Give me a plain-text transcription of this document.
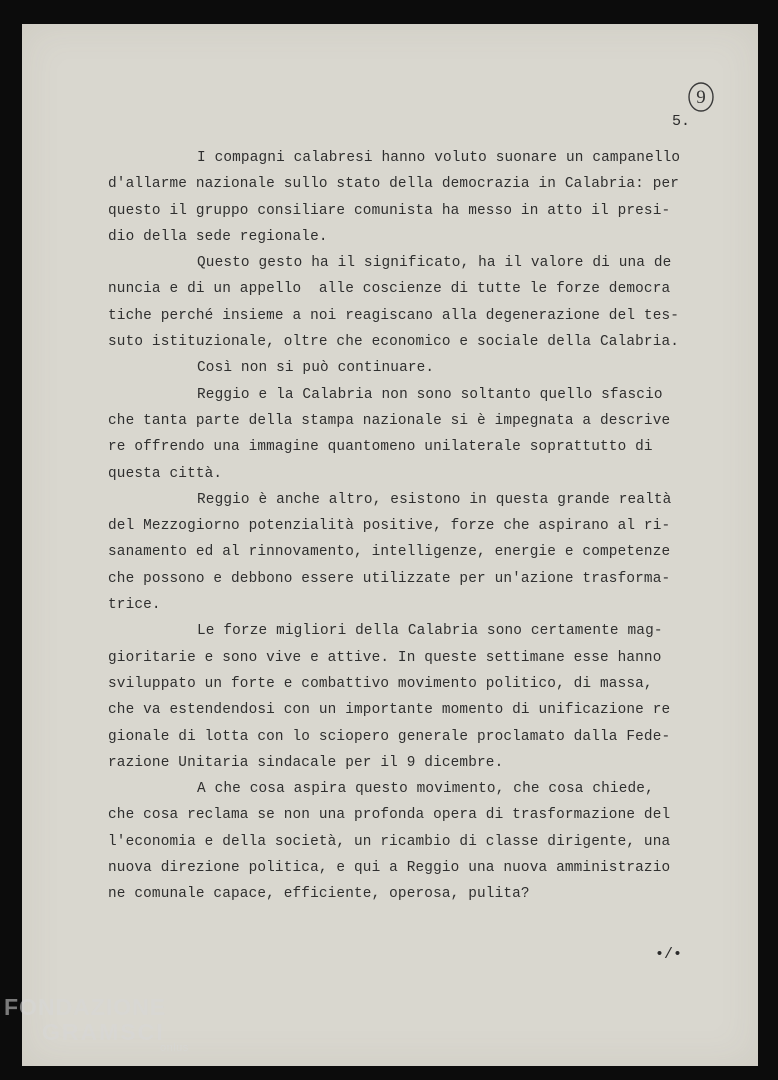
9
5.
I compagni calabresi hanno voluto suonare un campanello
d'allarme nazionale sullo stato della democrazia in Calabria: per
questo il gruppo consiliare comunista ha messo in atto il presi-
dio della sede regionale.
Questo gesto ha il significato, ha il valore di una de
nuncia e di un appello  alle coscienze di tutte le forze democra
tiche perché insieme a noi reagiscano alla degenerazione del tes-
suto istituzionale, oltre che economico e sociale della Calabria.
Così non si può continuare.
Reggio e la Calabria non sono soltanto quello sfascio
che tanta parte della stampa nazionale si è impegnata a descrive
re offrendo una immagine quantomeno unilaterale soprattutto di
questa città.
Reggio è anche altro, esistono in questa grande realtà
del Mezzogiorno potenzialità positive, forze che aspirano al ri-
sanamento ed al rinnovamento, intelligenze, energie e competenze
che possono e debbono essere utilizzate per un'azione trasforma-
trice.
Le forze migliori della Calabria sono certamente mag-
gioritarie e sono vive e attive. In queste settimane esse hanno
sviluppato un forte e combattivo movimento politico, di massa,
che va estendendosi con un importante momento di unificazione re
gionale di lotta con lo sciopero generale proclamato dalla Fede-
razione Unitaria sindacale per il 9 dicembre.
A che cosa aspira questo movimento, che cosa chiede,
che cosa reclama se non una profonda opera di trasformazione del
l'economia e della società, un ricambio di classe dirigente, una
nuova direzione politica, e qui a Reggio una nuova amministrazio
ne comunale capace, efficiente, operosa, pulita?
•/•
FONDAZIONE
GRAMSCI
onlus
